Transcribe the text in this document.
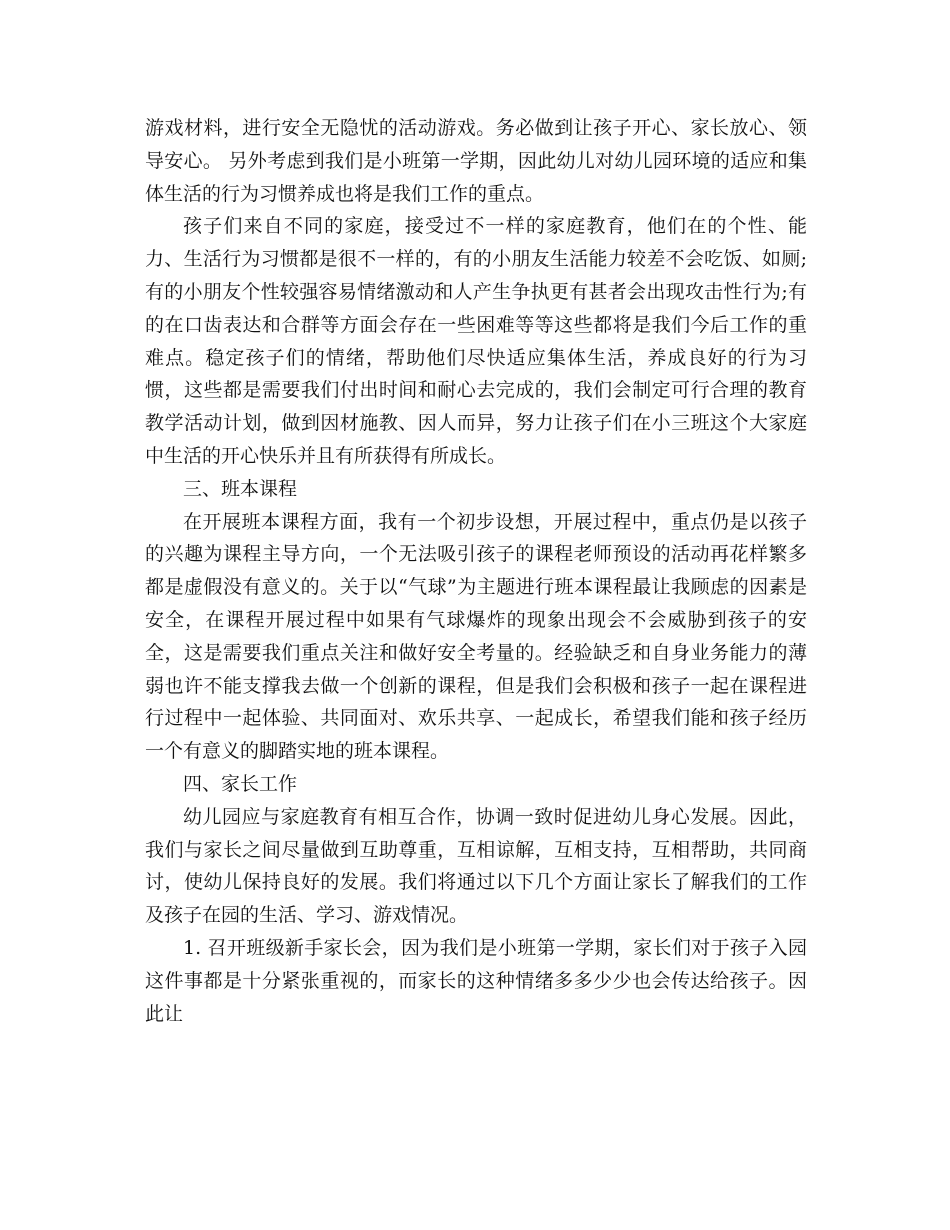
游戏材料，进行安全无隐忧的活动游戏。务必做到让孩子开心、家长放心、领导安心。 另外考虑到我们是小班第一学期，因此幼儿对幼儿园环境的适应和集体生活的行为习惯养成也将是我们工作的重点。

孩子们来自不同的家庭，接受过不一样的家庭教育，他们在的个性、能力、生活行为习惯都是很不一样的，有的小朋友生活能力较差不会吃饭、如厕;有的小朋友个性较强容易情绪激动和人产生争执更有甚者会出现攻击性行为;有的在口齿表达和合群等方面会存在一些困难等等这些都将是我们今后工作的重难点。稳定孩子们的情绪，帮助他们尽快适应集体生活，养成良好的行为习惯，这些都是需要我们付出时间和耐心去完成的，我们会制定可行合理的教育教学活动计划，做到因材施教、因人而异，努力让孩子们在小三班这个大家庭中生活的开心快乐并且有所获得有所成长。

三、班本课程

在开展班本课程方面，我有一个初步设想，开展过程中，重点仍是以孩子的兴趣为课程主导方向，一个无法吸引孩子的课程老师预设的活动再花样繁多都是虚假没有意义的。关于以“气球”为主题进行班本课程最让我顾虑的因素是安全，在课程开展过程中如果有气球爆炸的现象出现会不会威胁到孩子的安全，这是需要我们重点关注和做好安全考量的。经验缺乏和自身业务能力的薄弱也许不能支撑我去做一个创新的课程，但是我们会积极和孩子一起在课程进行过程中一起体验、共同面对、欢乐共享、一起成长，希望我们能和孩子经历一个有意义的脚踏实地的班本课程。

四、家长工作

幼儿园应与家庭教育有相互合作，协调一致时促进幼儿身心发展。因此，我们与家长之间尽量做到互助尊重，互相谅解，互相支持，互相帮助，共同商讨，使幼儿保持良好的发展。我们将通过以下几个方面让家长了解我们的工作及孩子在园的生活、学习、游戏情况。

1. 召开班级新手家长会，因为我们是小班第一学期，家长们对于孩子入园这件事都是十分紧张重视的，而家长的这种情绪多多少少也会传达给孩子。因此让
